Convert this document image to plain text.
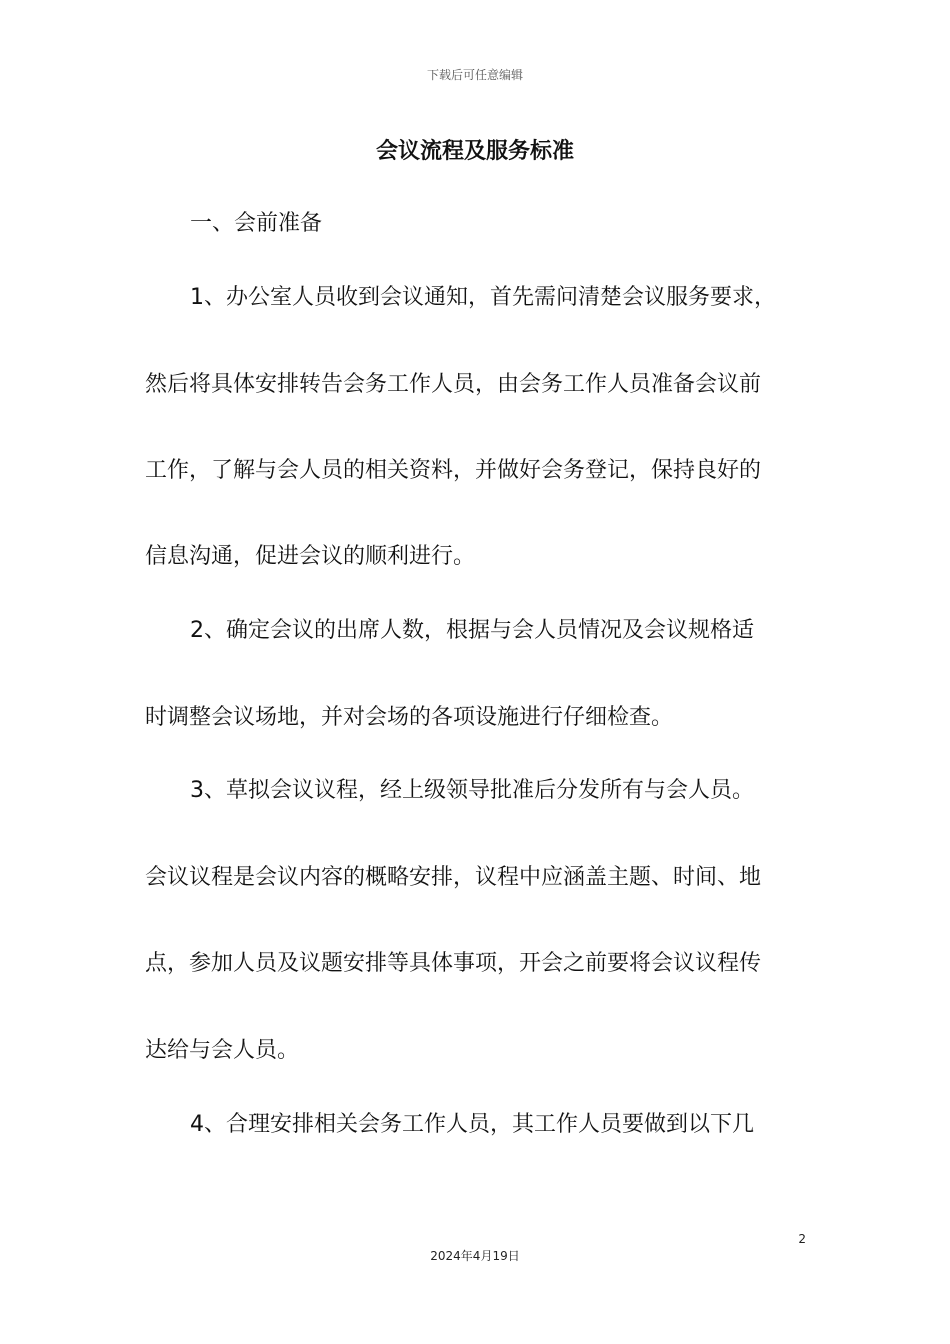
下载后可任意编辑
会议流程及服务标准
一、会前准备
1、办公室人员收到会议通知，首先需问清楚会议服务要求，
然后将具体安排转告会务工作人员，由会务工作人员准备会议前
工作，了解与会人员的相关资料，并做好会务登记，保持良好的
信息沟通，促进会议的顺利进行。
2、确定会议的出席人数，根据与会人员情况及会议规格适
时调整会议场地，并对会场的各项设施进行仔细检查。
3、草拟会议议程，经上级领导批准后分发所有与会人员。
会议议程是会议内容的概略安排，议程中应涵盖主题、时间、地
点，参加人员及议题安排等具体事项，开会之前要将会议议程传
达给与会人员。
4、合理安排相关会务工作人员，其工作人员要做到以下几
2
2024年4月19日
